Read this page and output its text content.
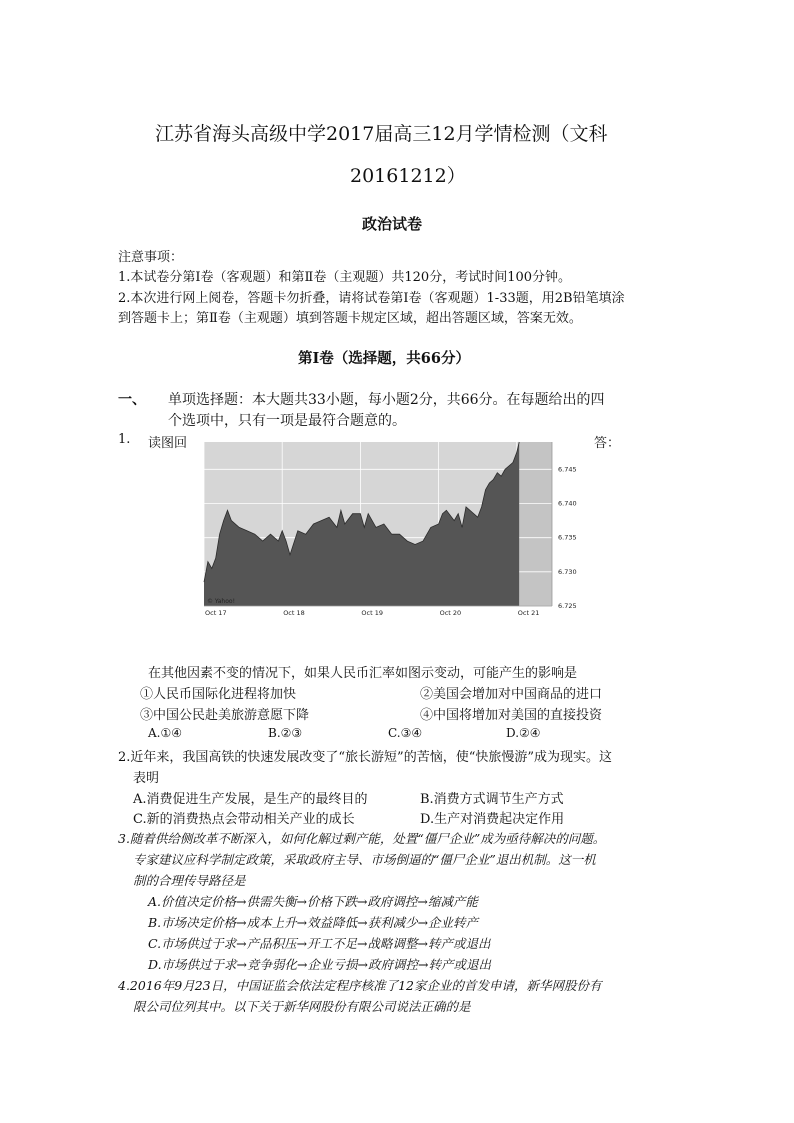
江苏省海头高级中学2017届高三12月学情检测（文科
20161212）
政治试卷
注意事项：
1.本试卷分第Ⅰ卷（客观题）和第Ⅱ卷（主观题）共120分，考试时间100分钟。
2.本次进行网上阅卷，答题卡勿折叠，请将试卷第Ⅰ卷（客观题）1-33题，用2B铅笔填涂
到答题卡上；第Ⅱ卷（主观题）填到答题卡规定区域，超出答题区域，答案无效。
第Ⅰ卷（选择题，共66分）
一、 单项选择题：本大题共33小题，每小题2分，共66分。在每题给出的四
个选项中，只有一项是最符合题意的。
1. 读图回	答：
6.745
6.740
6.735
6.730
6.725
Oct 17	Oct 18	Oct 19	Oct 20	Oct 21
© Yahoo!
在其他因素不变的情况下，如果人民币汇率如图示变动，可能产生的影响是
①人民币国际化进程将加快	②美国会增加对中国商品的进口
③中国公民赴美旅游意愿下降	④中国将增加对美国的直接投资
A.①④	B.②③	C.③④	D.②④
2.近年来，我国高铁的快速发展改变了“旅长游短”的苦恼，使“快旅慢游”成为现实。这
表明
A.消费促进生产发展，是生产的最终目的	B.消费方式调节生产方式
C.新的消费热点会带动相关产业的成长	D.生产对消费起决定作用
3.随着供给侧改革不断深入，如何化解过剩产能，处置“僵尸企业”成为亟待解决的问题。
专家建议应科学制定政策，采取政府主导、市场倒逼的“僵尸企业”退出机制。这一机
制的合理传导路径是
A.价值决定价格→供需失衡→价格下跌→政府调控→缩减产能
B.市场决定价格→成本上升→效益降低→获利减少→企业转产
C.市场供过于求→产品积压→开工不足→战略调整→转产或退出
D.市场供过于求→竞争弱化→企业亏损→政府调控→转产或退出
4.2016年9月23日，中国证监会依法定程序核准了12家企业的首发申请，新华网股份有
限公司位列其中。以下关于新华网股份有限公司说法正确的是
